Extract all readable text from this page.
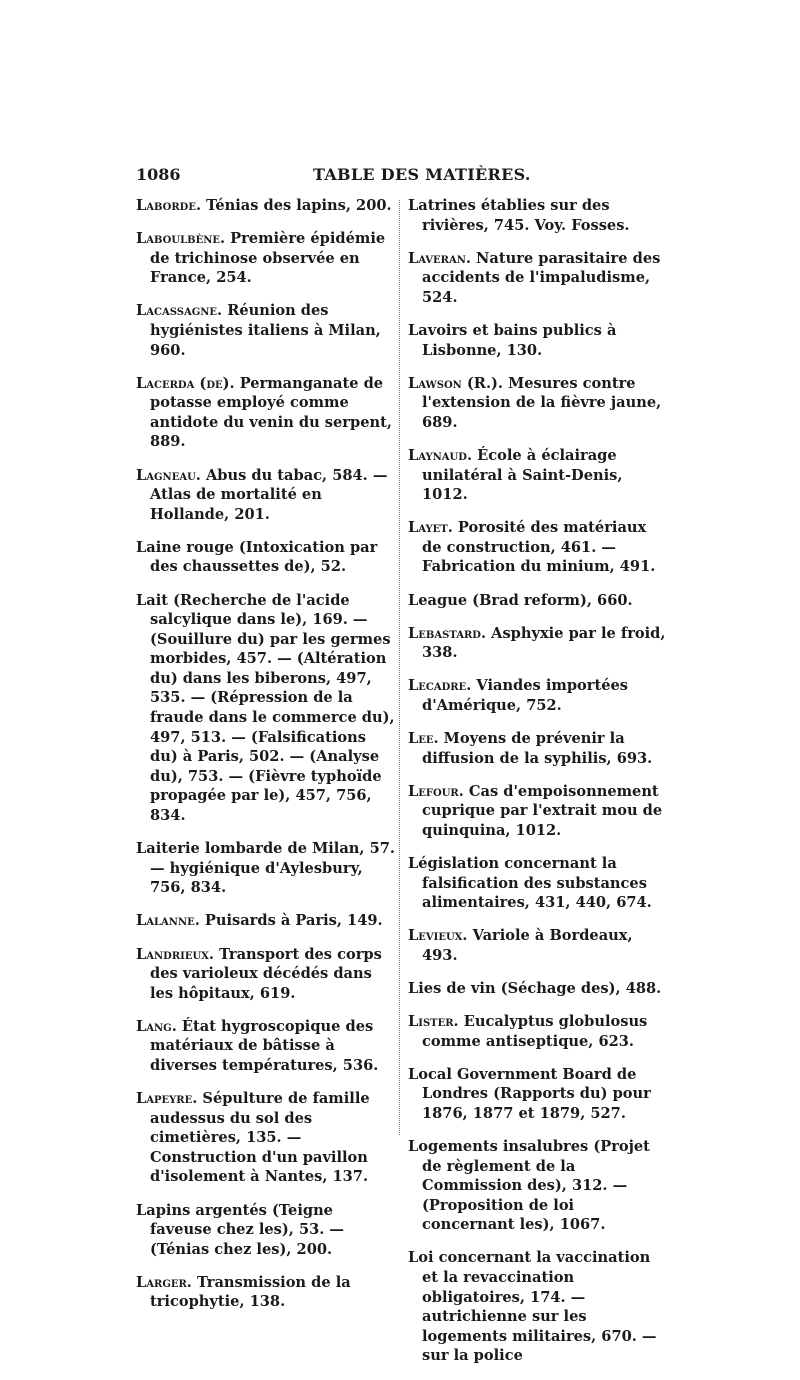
1086	TABLE DES MATIÈRES.

Laborde. Ténias des lapins, 200.

Laboulbène. Première épidémie de trichinose observée en France, 254.

Lacassagne. Réunion des hygiénistes italiens à Milan, 960.

Lacerda (de). Permanganate de potasse employé comme antidote du venin du serpent, 889.

Lagneau. Abus du tabac, 584. — Atlas de mortalité en Hollande, 201.

Laine rouge (Intoxication par des chaussettes de), 52.

Lait (Recherche de l'acide salcylique dans le), 169. — (Souillure du) par les germes morbides, 457. — (Altération du) dans les biberons, 497, 535. — (Répression de la fraude dans le commerce du), 497, 513. — (Falsifications du) à Paris, 502. — (Analyse du), 753. — (Fièvre typhoïde propagée par le), 457, 756, 834.

Laiterie lombarde de Milan, 57. — hygiénique d'Aylesbury, 756, 834.

Lalanne. Puisards à Paris, 149.

Landrieux. Transport des corps des varioleux décédés dans les hôpitaux, 619.

Lang. État hygroscopique des matériaux de bâtisse à diverses températures, 536.

Lapeyre. Sépulture de famille audessus du sol des cimetières, 135. — Construction d'un pavillon d'isolement à Nantes, 137.

Lapins argentés (Teigne faveuse chez les), 53. — (Ténias chez les), 200.

Larger. Transmission de la tricophytie, 138.

Latrines établies sur des rivières, 745. Voy. Fosses.

Laveran. Nature parasitaire des accidents de l'impaludisme, 524.

Lavoirs et bains publics à Lisbonne, 130.

Lawson (R.). Mesures contre l'extension de la fièvre jaune, 689.

Laynaud. École à éclairage unilatéral à Saint-Denis, 1012.

Layet. Porosité des matériaux de construction, 461. — Fabrication du minium, 491.

League (Brad reform), 660.

Lebastard. Asphyxie par le froid, 338.

Lecadre. Viandes importées d'Amérique, 752.

Lee. Moyens de prévenir la diffusion de la syphilis, 693.

Lefour. Cas d'empoisonnement cuprique par l'extrait mou de quinquina, 1012.

Législation concernant la falsification des substances alimentaires, 431, 440, 674.

Levieux. Variole à Bordeaux, 493.

Lies de vin (Séchage des), 488.

Lister. Eucalyptus globulosus comme antiseptique, 623.

Local Government Board de Londres (Rapports du) pour 1876, 1877 et 1879, 527.

Logements insalubres (Projet de règlement de la Commission des), 312. — (Proposition de loi concernant les), 1067.

Loi concernant la vaccination et la revaccination obligatoires, 174. — autrichienne sur les logements militaires, 670. — sur la police
